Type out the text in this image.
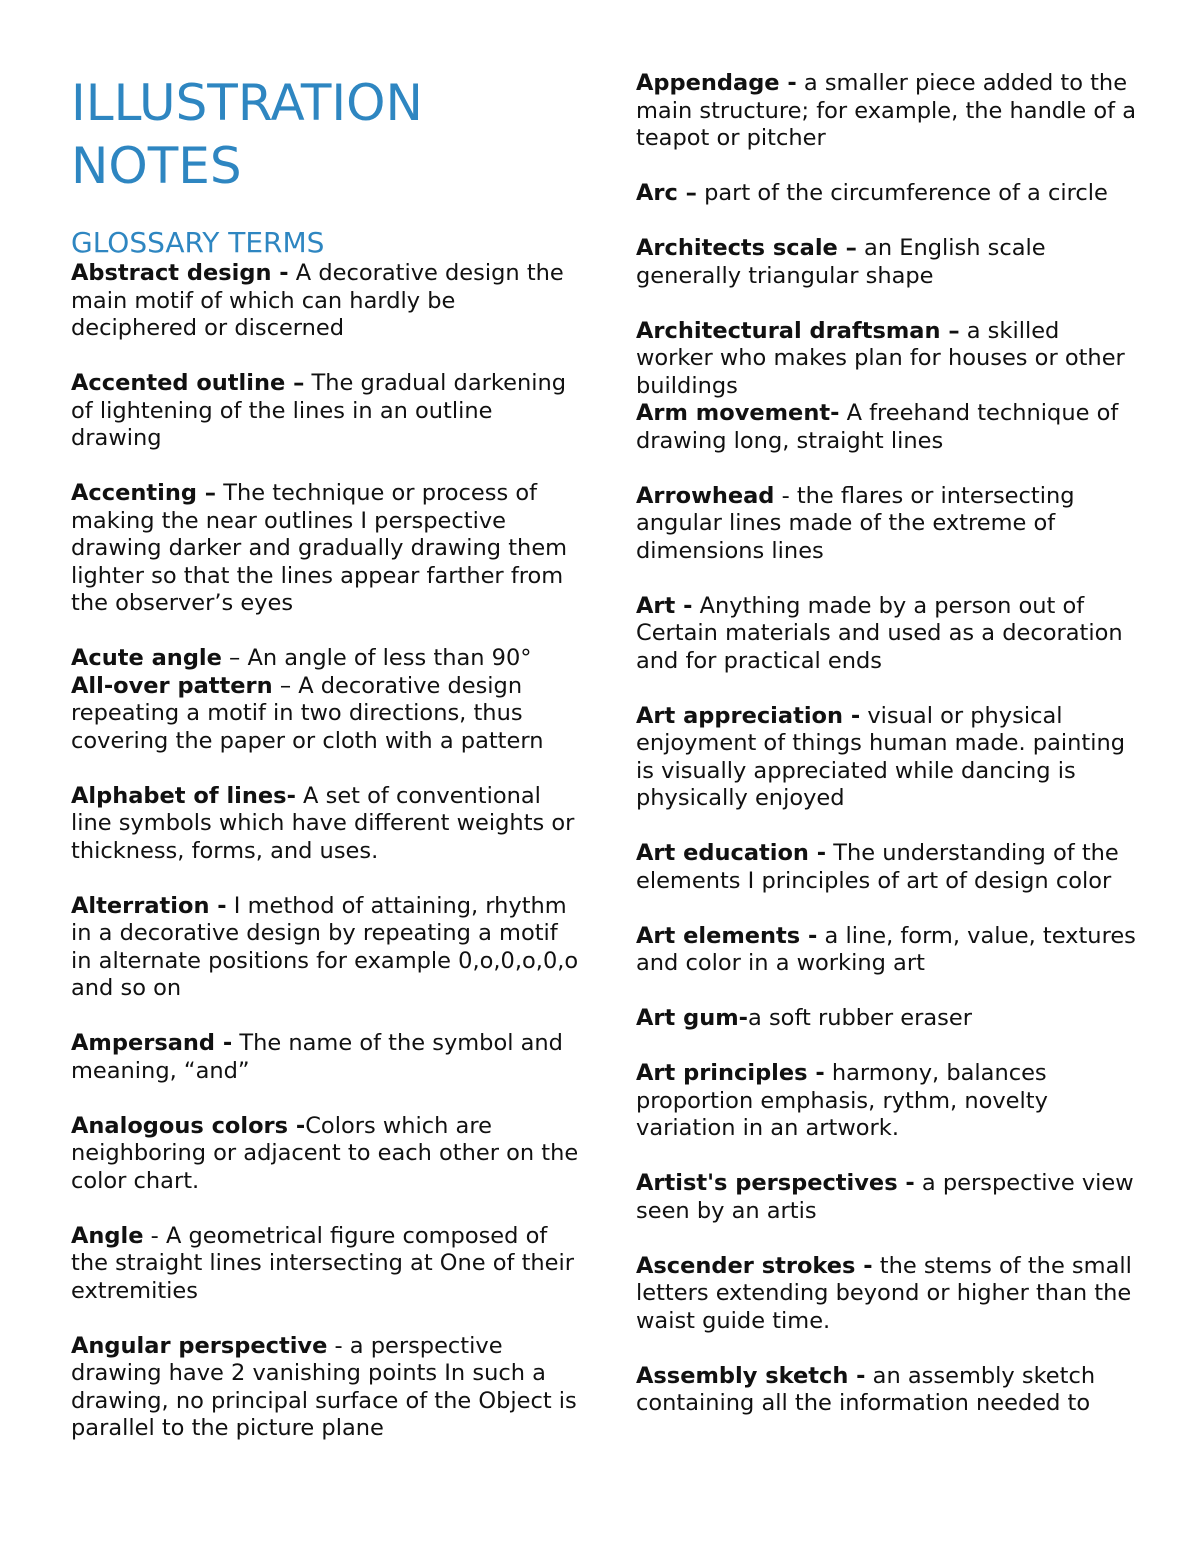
ILLUSTRATION
NOTES
GLOSSARY TERMS

Abstract design - A decorative design the main motif of which can hardly be deciphered or discerned

Accented outline – The gradual darkening of lightening of the lines in an outline drawing

Accenting – The technique or process of making the near outlines I perspective drawing darker and gradually drawing them lighter so that the lines appear farther from the observer’s eyes

Acute angle – An angle of less than 90°

All-over pattern – A decorative design repeating a motif in two directions, thus covering the paper or cloth with a pattern

Alphabet of lines- A set of conventional line symbols which have different weights or thickness, forms, and uses.

Alterration - I method of attaining, rhythm in a decorative design by repeating a motif in alternate positions for example 0,o,0,o,0,o and so on

Ampersand - The name of the symbol and meaning, “and”

Analogous colors -Colors which are neighboring or adjacent to each other on the color chart.

Angle - A geometrical figure composed of the straight lines intersecting at One of their extremities

Angular perspective - a perspective drawing have 2 vanishing points In such a drawing, no principal surface of the Object is parallel to the picture plane

Appendage - a smaller piece added to the main structure; for example, the handle of a teapot or pitcher

Arc – part of the circumference of a circle

Architects scale – an English scale generally triangular shape

Architectural draftsman – a skilled worker who makes plan for houses or other buildings

Arm movement- A freehand technique of drawing long, straight lines

Arrowhead - the flares or intersecting angular lines made of the extreme of dimensions lines

Art - Anything made by a person out of Certain materials and used as a decoration and for practical ends

Art appreciation - visual or physical enjoyment of things human made. painting is visually appreciated while dancing is physically enjoyed

Art education - The understanding of the elements I principles of art of design color

Art elements - a line, form, value, textures and color in a working art

Art gum-a soft rubber eraser

Art principles - harmony, balances proportion emphasis, rythm, novelty variation in an artwork.

Artist's perspectives - a perspective view seen by an artis

Ascender strokes - the stems of the small letters extending beyond or higher than the waist guide time.

Assembly sketch - an assembly sketch containing all the information needed to
